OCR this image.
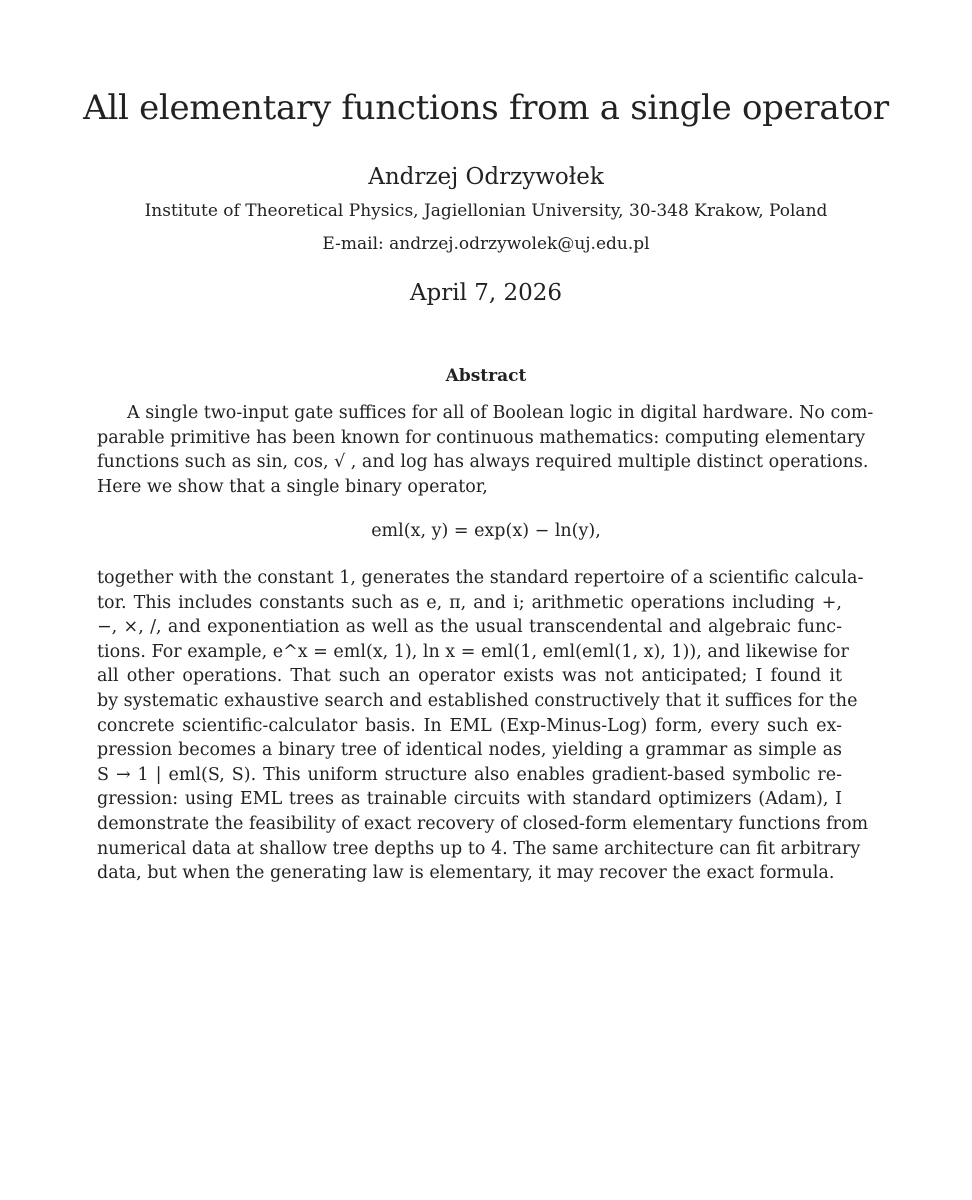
All elementary functions from a single operator
Andrzej Odrzywołek
Institute of Theoretical Physics, Jagiellonian University, 30-348 Krakow, Poland
E-mail: andrzej.odrzywolek@uj.edu.pl
April 7, 2026
Abstract
A single two-input gate suffices for all of Boolean logic in digital hardware. No com-
parable primitive has been known for continuous mathematics: computing elementary
functions such as sin, cos, √ , and log has always required multiple distinct operations.
Here we show that a single binary operator,
eml(x, y) = exp(x) − ln(y),
together with the constant 1, generates the standard repertoire of a scientific calcula-
tor. This includes constants such as e, π, and i; arithmetic operations including +,
−, ×, /, and exponentiation as well as the usual transcendental and algebraic func-
tions. For example, e^x = eml(x, 1), ln x = eml(1, eml(eml(1, x), 1)), and likewise for
all other operations. That such an operator exists was not anticipated; I found it
by systematic exhaustive search and established constructively that it suffices for the
concrete scientific-calculator basis. In EML (Exp-Minus-Log) form, every such ex-
pression becomes a binary tree of identical nodes, yielding a grammar as simple as
S → 1 | eml(S, S). This uniform structure also enables gradient-based symbolic re-
gression: using EML trees as trainable circuits with standard optimizers (Adam), I
demonstrate the feasibility of exact recovery of closed-form elementary functions from
numerical data at shallow tree depths up to 4. The same architecture can fit arbitrary
data, but when the generating law is elementary, it may recover the exact formula.
